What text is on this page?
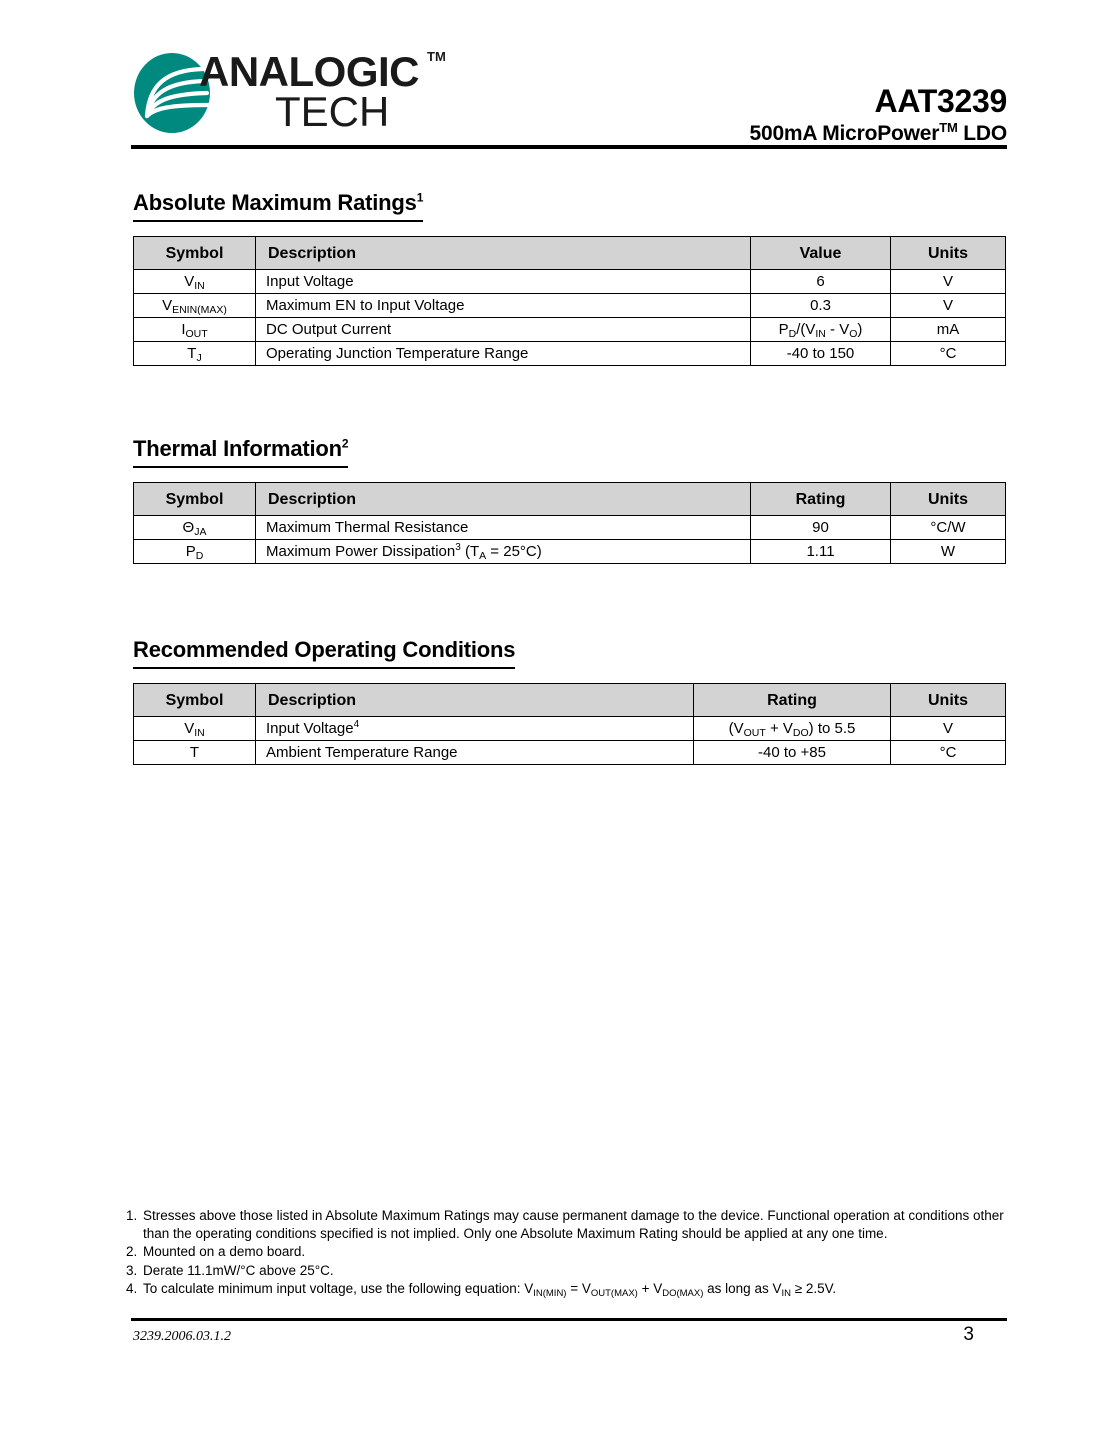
ANALOGIC TM
TECH	AAT3239
500mA MicroPower™ LDO
Absolute Maximum Ratings$^1$
Symbol	Description	Value	Units
$V_{IN}$	Input Voltage	6	V
$V_{ENIN(MAX)}$	Maximum EN to Input Voltage	0.3	V
$I_{OUT}$	DC Output Current	$P_D/(V_{IN} - V_O)$	mA
$T_J$	Operating Junction Temperature Range	-40 to 150	°C
Thermal Information$^2$
Symbol	Description	Rating	Units
$\Theta_{JA}$	Maximum Thermal Resistance	90	°C/W
$P_D$	Maximum Power Dissipation$^3$ $(T_A = 25^\circ C)$	1.11	W
Recommended Operating Conditions
Symbol	Description	Rating	Units
$V_{IN}$	Input Voltage$^4$	$(V_{OUT} + V_{DO})$ to 5.5	V
T	Ambient Temperature Range	-40 to +85	°C
1. Stresses above those listed in Absolute Maximum Ratings may cause permanent damage to the device. Functional operation at conditions other than the operating conditions specified is not implied. Only one Absolute Maximum Rating should be applied at any one time.
2. Mounted on a demo board.
3. Derate 11.1mW/°C above 25°C.
4. To calculate minimum input voltage, use the following equation: $V_{IN(MIN)} = V_{OUT(MAX)} + V_{DO(MAX)}$ as long as $V_{IN} \ge 2.5V$.
3239.2006.03.1.2	3
